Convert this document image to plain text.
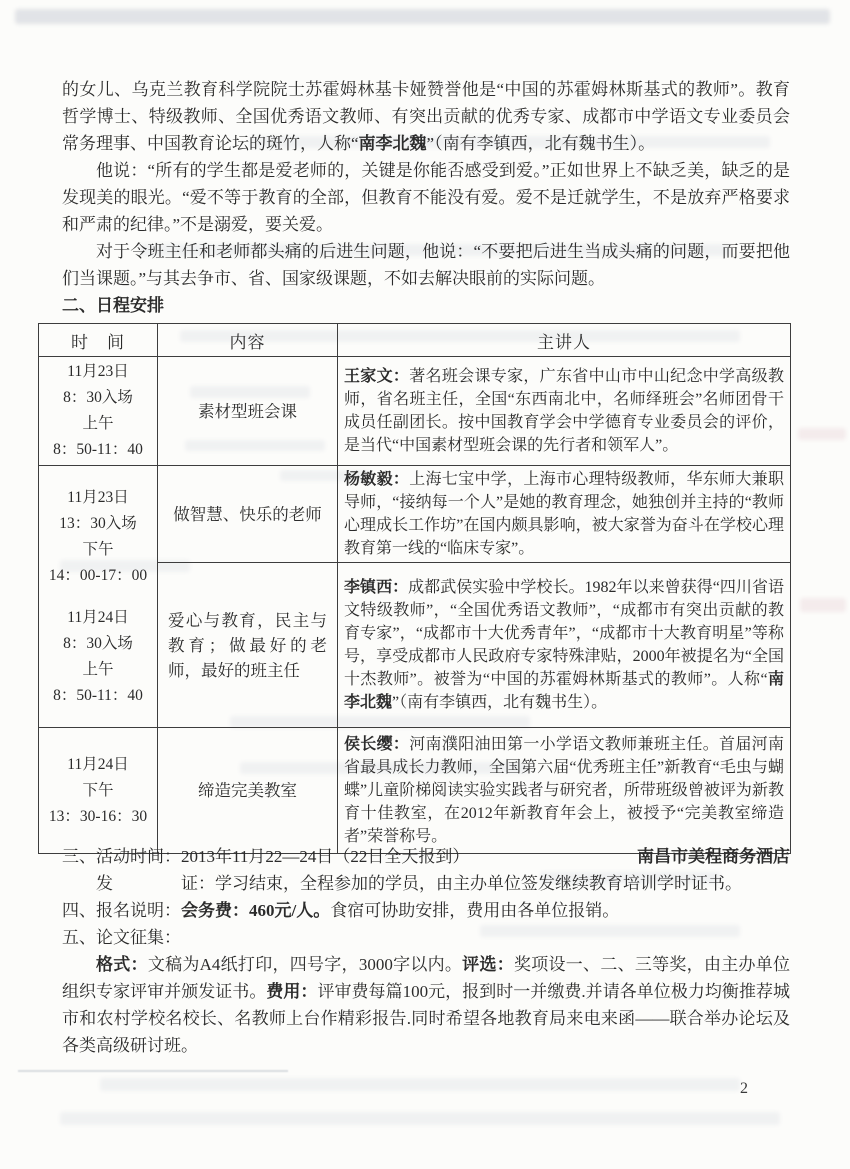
的女儿、乌克兰教育科学院院士苏霍姆林基卡娅赞誉他是“中国的苏霍姆林斯基式的教师”。教育哲学博士、特级教师、全国优秀语文教师、有突出贡献的优秀专家、成都市中学语文专业委员会常务理事、中国教育论坛的斑竹，人称“南李北魏”（南有李镇西，北有魏书生）。

他说：“所有的学生都是爱老师的，关键是你能否感受到爱。”正如世界上不缺乏美，缺乏的是发现美的眼光。“爱不等于教育的全部，但教育不能没有爱。爱不是迁就学生，不是放弃严格要求和严肃的纪律。”不是溺爱，要关爱。

对于令班主任和老师都头痛的后进生问题，他说：“不要把后进生当成头痛的问题，而要把他们当课题。”与其去争市、省、国家级课题，不如去解决眼前的实际问题。

二、日程安排

时　间	内容	主讲人

11月23日
8：30入场
上午
8：50-11：40	素材型班会课	王家文：著名班会课专家，广东省中山市中山纪念中学高级教师，省名班主任，全国“东西南北中，名师绎班会”名师团骨干成员任副团长。按中国教育学会中学德育专业委员会的评价，是当代“中国素材型班会课的先行者和领军人”。

11月23日
13：30入场
下午
14：00-17：00
11月24日
8：30入场
上午
8：50-11：40
	做智慧、快乐的老师	杨敏毅：上海七宝中学，上海市心理特级教师，华东师大兼职导师，“接纳每一个人”是她的教育理念，她独创并主持的“教师心理成长工作坊”在国内颇具影响，被大家誉为奋斗在学校心理教育第一线的“临床专家”。
	爱心与教育，民主与教育；做最好的老师，最好的班主任	李镇西：成都武侯实验中学校长。1982年以来曾获得“四川省语文特级教师”，“全国优秀语文教师”，“成都市有突出贡献的教育专家”，“成都市十大优秀青年”，“成都市十大教育明星”等称号，享受成都市人民政府专家特殊津贴，2000年被提名为“全国十杰教师”。被誉为“中国的苏霍姆林斯基式的教师”。人称“南李北魏”（南有李镇西，北有魏书生）。

11月24日
下午
13：30-16：30	缔造完美教室	侯长缨：河南濮阳油田第一小学语文教师兼班主任。首届河南省最具成长力教师，全国第六届“优秀班主任”新教育“毛虫与蝴蝶”儿童阶梯阅读实验实践者与研究者，所带班级曾被评为新教育十佳教室，在2012年新教育年会上，被授予“完美教室缔造者”荣誉称号。

三、活动时间：2013年11月22—24日（22日全天报到）	南昌市美程商务酒店

发　　　　证：学习结束，全程参加的学员，由主办单位签发继续教育培训学时证书。

四、报名说明：会务费：460元/人。食宿可协助安排，费用由各单位报销。

五、论文征集：

格式：文稿为A4纸打印，四号字，3000字以内。评选：奖项设一、二、三等奖，由主办单位组织专家评审并颁发证书。费用：评审费每篇100元，报到时一并缴费.并请各单位极力均衡推荐城市和农村学校名校长、名教师上台作精彩报告.同时希望各地教育局来电来函——联合举办论坛及各类高级研讨班。

2
